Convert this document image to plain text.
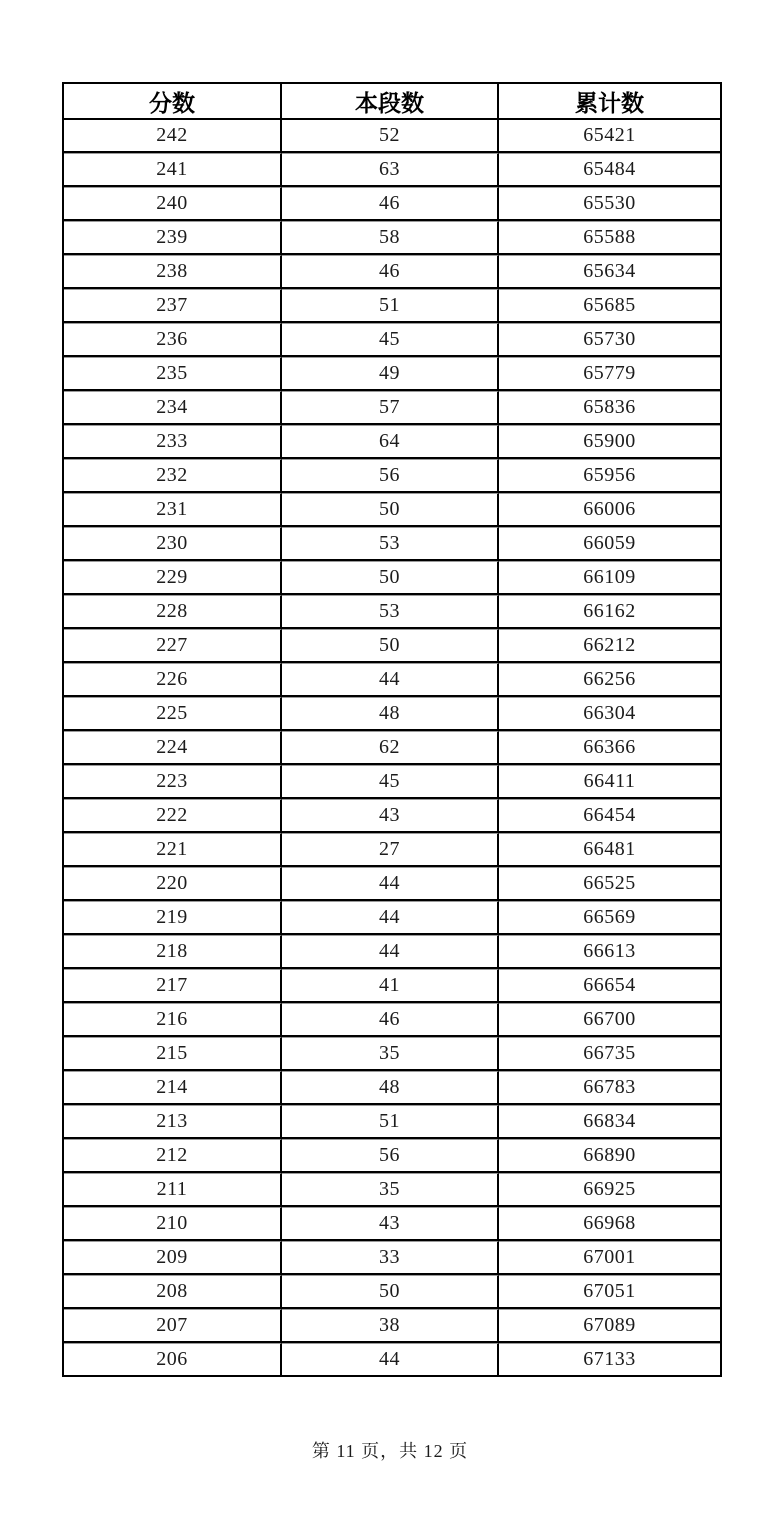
分数	本段数	累计数
242	52	65421
241	63	65484
240	46	65530
239	58	65588
238	46	65634
237	51	65685
236	45	65730
235	49	65779
234	57	65836
233	64	65900
232	56	65956
231	50	66006
230	53	66059
229	50	66109
228	53	66162
227	50	66212
226	44	66256
225	48	66304
224	62	66366
223	45	66411
222	43	66454
221	27	66481
220	44	66525
219	44	66569
218	44	66613
217	41	66654
216	46	66700
215	35	66735
214	48	66783
213	51	66834
212	56	66890
211	35	66925
210	43	66968
209	33	67001
208	50	67051
207	38	67089
206	44	67133
第 11 页，共 12 页
